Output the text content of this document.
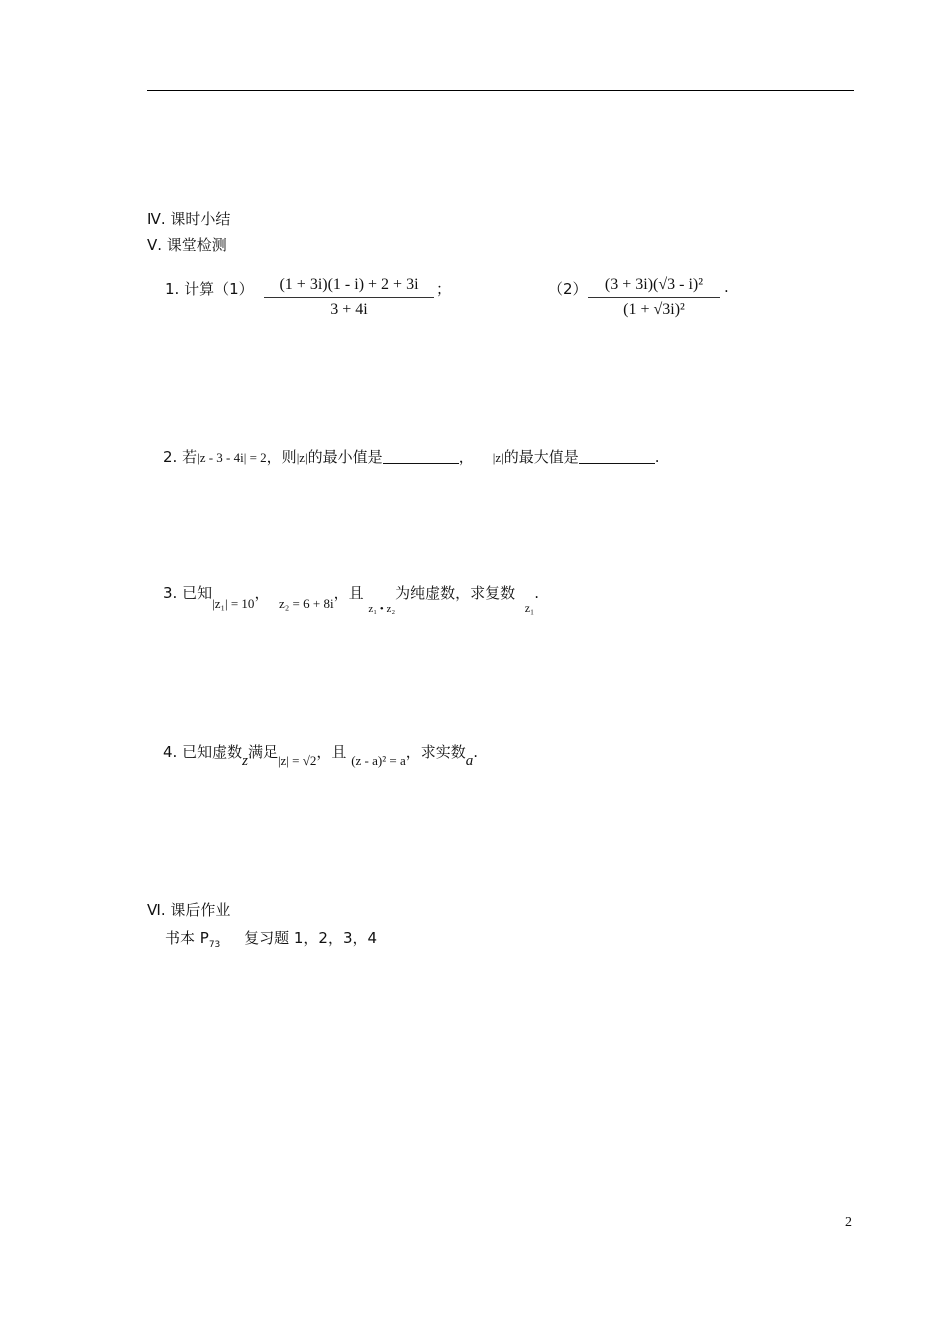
Ⅳ. 课时小结
Ⅴ. 课堂检测
1. 计算（1）	(1 + 3i)(1 - i) + 2 + 3i
3 + 4i
；	（2）	(3 + 3i)(√3 - i)²
(1 + √3i)²
.
2. 若|z - 3 - 4i| = 2，则|z|的最小值是	， |z|的最大值是	.
3. 已知|z₁| = 10，  z₂ = 6 + 8i，且 $_{z_1 • z_2}$为纯虚数，求复数  $_{z_1}$.
4. 已知虚数z满足|z| = √2，且 (z - a)² = a，求实数a.
Ⅵ. 课后作业
书本 $P_{73}$ 复习题 1，2，3，4
2
